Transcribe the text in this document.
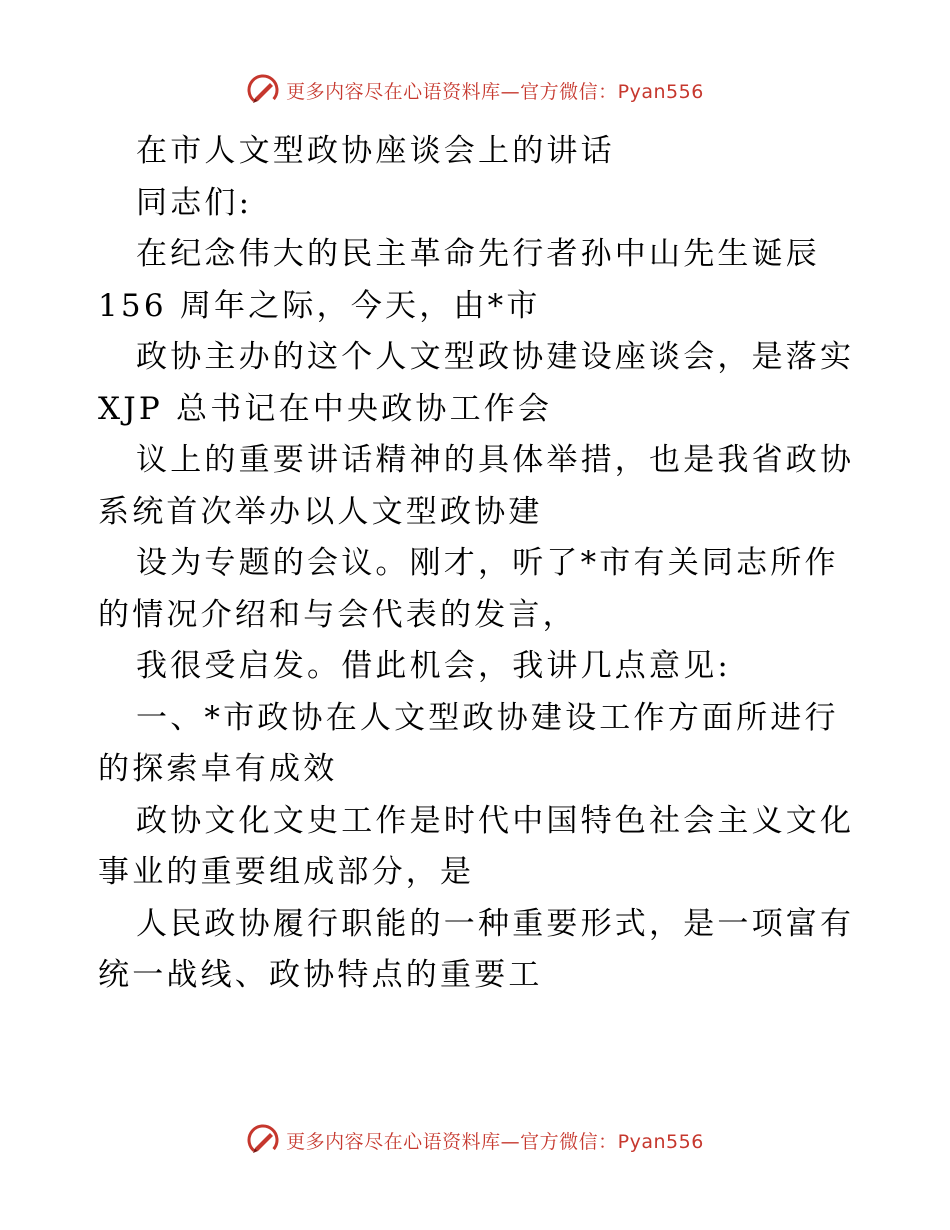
更多内容尽在心语资料库—官方微信：Pyan556
在市人文型政协座谈会上的讲话
同志们:
在纪念伟大的民主革命先行者孙中山先生诞辰
156 周年之际，今天，由*市
政协主办的这个人文型政协建设座谈会，是落实
XJP 总书记在中央政协工作会
议上的重要讲话精神的具体举措，也是我省政协
系统首次举办以人文型政协建
设为专题的会议。刚才，听了*市有关同志所作
的情况介绍和与会代表的发言，
我很受启发。借此机会，我讲几点意见:
一、*市政协在人文型政协建设工作方面所进行
的探索卓有成效
政协文化文史工作是时代中国特色社会主义文化
事业的重要组成部分，是
人民政协履行职能的一种重要形式，是一项富有
统一战线、政协特点的重要工
更多内容尽在心语资料库—官方微信：Pyan556
